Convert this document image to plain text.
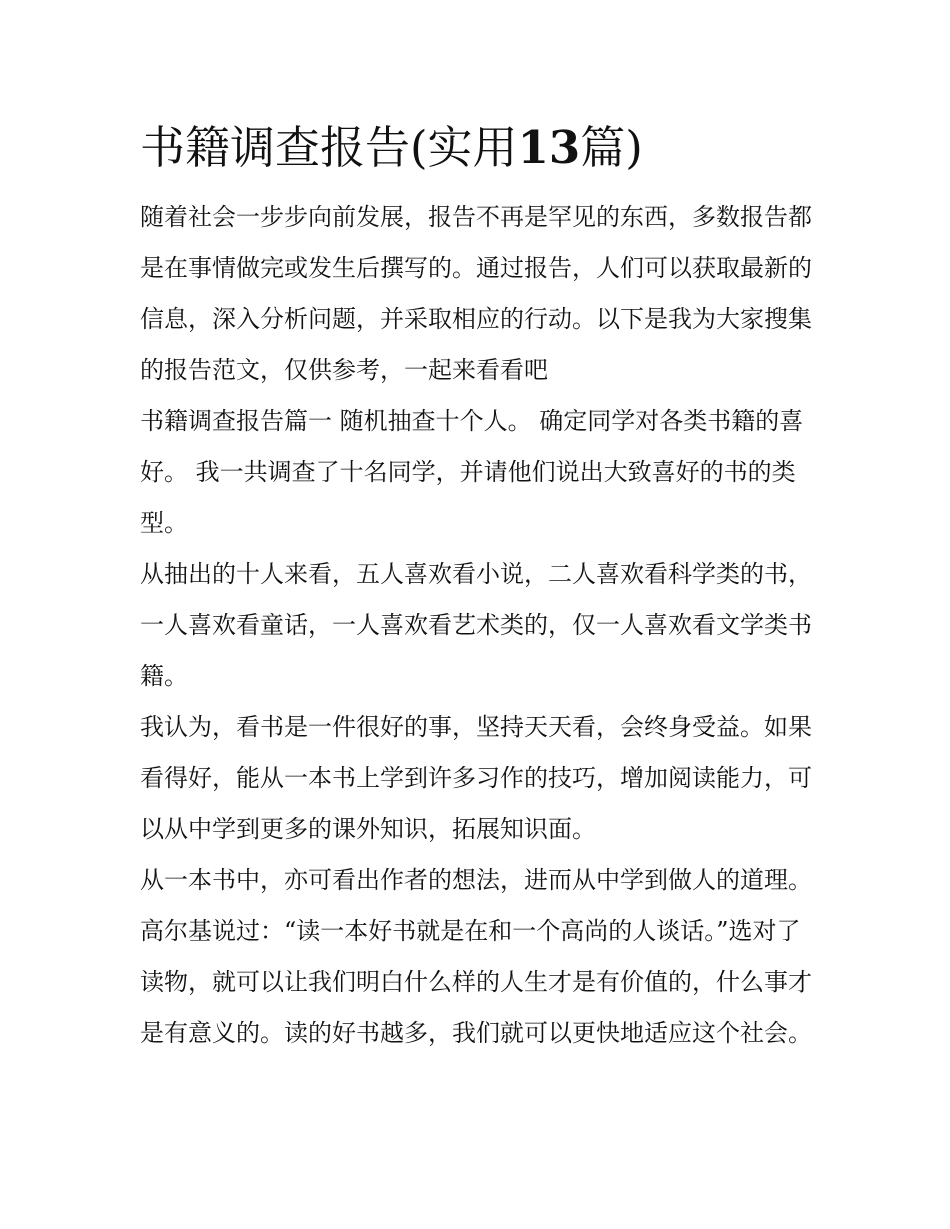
书籍调查报告(实用13篇)

随着社会一步步向前发展，报告不再是罕见的东西，多数报告都是在事情做完或发生后撰写的。通过报告，人们可以获取最新的信息，深入分析问题，并采取相应的行动。以下是我为大家搜集的报告范文，仅供参考，一起来看看吧

书籍调查报告篇一 随机抽查十个人。 确定同学对各类书籍的喜好。 我一共调查了十名同学，并请他们说出大致喜好的书的类型。

从抽出的十人来看，五人喜欢看小说，二人喜欢看科学类的书，一人喜欢看童话，一人喜欢看艺术类的，仅一人喜欢看文学类书籍。

我认为，看书是一件很好的事，坚持天天看，会终身受益。如果看得好，能从一本书上学到许多习作的技巧，增加阅读能力，可以从中学到更多的课外知识，拓展知识面。

从一本书中，亦可看出作者的想法，进而从中学到做人的道理。高尔基说过：“读一本好书就是在和一个高尚的人谈话。”选对了读物，就可以让我们明白什么样的人生才是有价值的，什么事才是有意义的。读的好书越多，我们就可以更快地适应这个社会。
